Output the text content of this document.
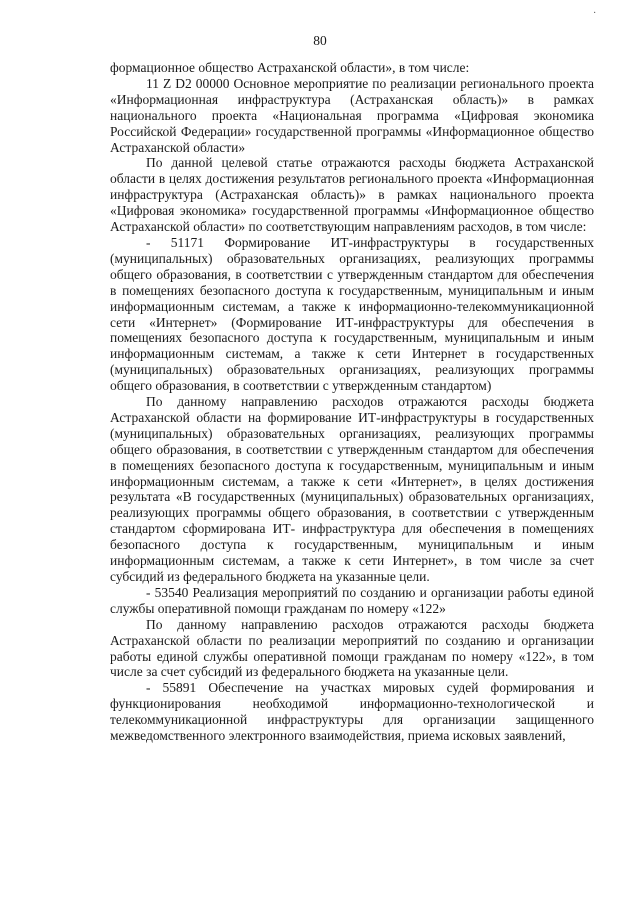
·
80

формационное общество Астраханской области», в том числе:

11 Z D2 00000 Основное мероприятие по реализации регионального проекта «Информационная инфраструктура (Астраханская область)» в рамках национального проекта «Национальная программа «Цифровая экономика Российской Федерации» государственной программы «Информационное общество Астраханской области»

По данной целевой статье отражаются расходы бюджета Астраханской области в целях достижения результатов регионального проекта «Информационная инфраструктура (Астраханская область)» в рамках национального проекта «Цифровая экономика» государственной программы «Информационное общество Астраханской области» по соответствующим направлениям расходов, в том числе:

- 51171 Формирование ИТ-инфраструктуры в государственных (муниципальных) образовательных организациях, реализующих программы общего образования, в соответствии с утвержденным стандартом для обеспечения в помещениях безопасного доступа к государственным, муниципальным и иным информационным системам, а также к информационно-телекоммуникационной сети «Интернет» (Формирование ИТ-инфраструктуры для обеспечения в помещениях безопасного доступа к государственным, муниципальным и иным информационным системам, а также к сети Интернет в государственных (муниципальных) образовательных организациях, реализующих программы общего образования, в соответствии с утвержденным стандартом)

По данному направлению расходов отражаются расходы бюджета Астраханской области на формирование ИТ-инфраструктуры в государственных (муниципальных) образовательных организациях, реализующих программы общего образования, в соответствии с утвержденным стандартом для обеспечения в помещениях безопасного доступа к государственным, муниципальным и иным информационным системам, а также к сети «Интернет», в целях достижения результата «В государственных (муниципальных) образовательных организациях, реализующих программы общего образования, в соответствии с утвержденным стандартом сформирована ИТ- инфраструктура для обеспечения в помещениях безопасного доступа к государственным, муниципальным и иным информационным системам, а также к сети Интернет», в том числе за счет субсидий из федерального бюджета на указанные цели.

- 53540 Реализация мероприятий по созданию и организации работы единой службы оперативной помощи гражданам по номеру «122»

По данному направлению расходов отражаются расходы бюджета Астраханской области по реализации мероприятий по созданию и организации работы единой службы оперативной помощи гражданам по номеру «122», в том числе за счет субсидий из федерального бюджета на указанные цели.

- 55891 Обеспечение на участках мировых судей формирования и функционирования необходимой информационно-технологической и телекоммуникационной инфраструктуры для организации защищенного межведомственного электронного взаимодействия, приема исковых заявлений,
